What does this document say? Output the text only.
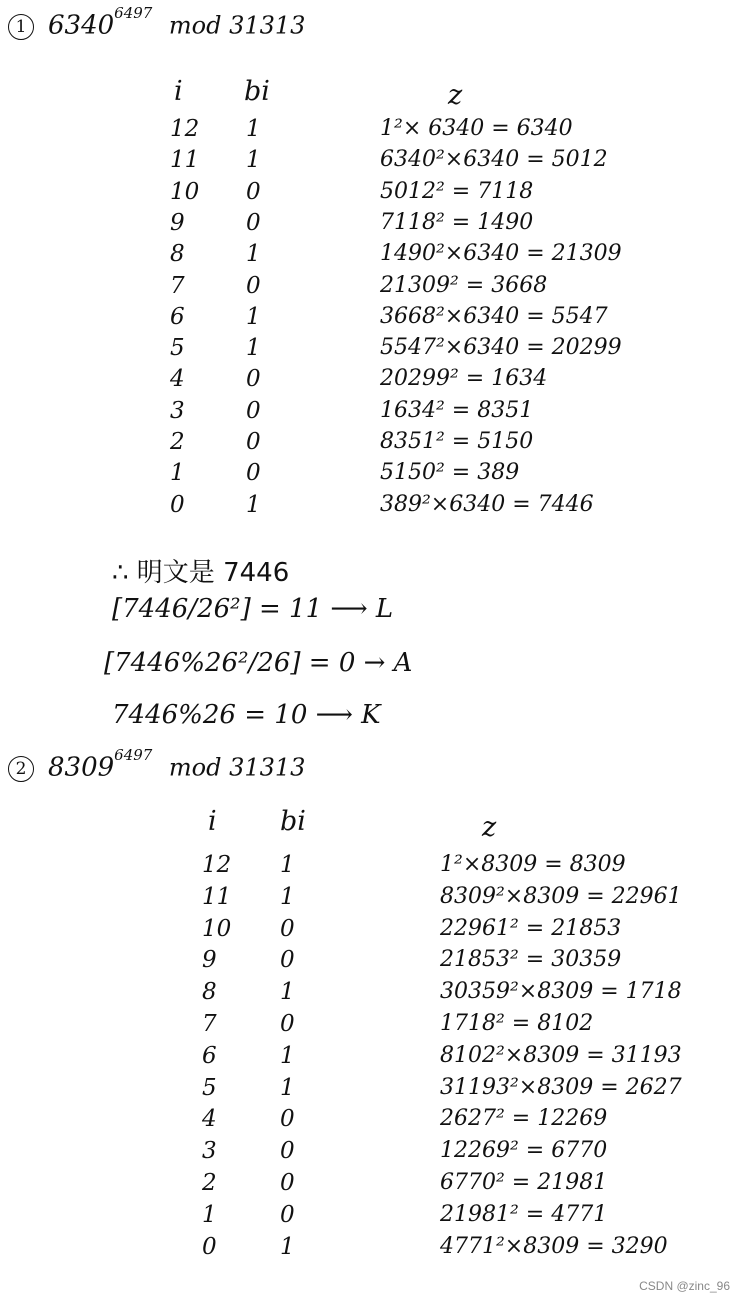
1 $6340^{6497}$ mod 31313
i bi	z
12 1	1²× 6340 = 6340
11 1	6340²×6340 = 5012
10 0	5012² = 7118
9	0	7118² = 1490
8	1	1490²×6340 = 21309
7	0	21309² = 3668
6	1	3668²×6340 = 5547
5	1	5547²×6340 = 20299
4	0	20299² = 1634
3	0	1634² = 8351
2	0	8351² = 5150
1	0	5150² = 389
0	1	389²×6340 = 7446
∴ 明文是 7446
[7446/26²] = 11 ⟶ L
[7446%26²/26] = 0 → A
7446%26 = 10 ⟶ K
2 $8309^{6497}$ mod 31313
i bi	z
12 1	1²×8309 = 8309
11 1	8309²×8309 = 22961
10 0	22961² = 21853
9	0	21853² = 30359
8	1	30359²×8309 = 1718
7	0	1718² = 8102
6	1	8102²×8309 = 31193
5	1	31193²×8309 = 2627
4	0	2627² = 12269
3	0	12269² = 6770
2	0	6770² = 21981
1	0	21981² = 4771
0	1	4771²×8309 = 3290
CSDN @zinc_96
